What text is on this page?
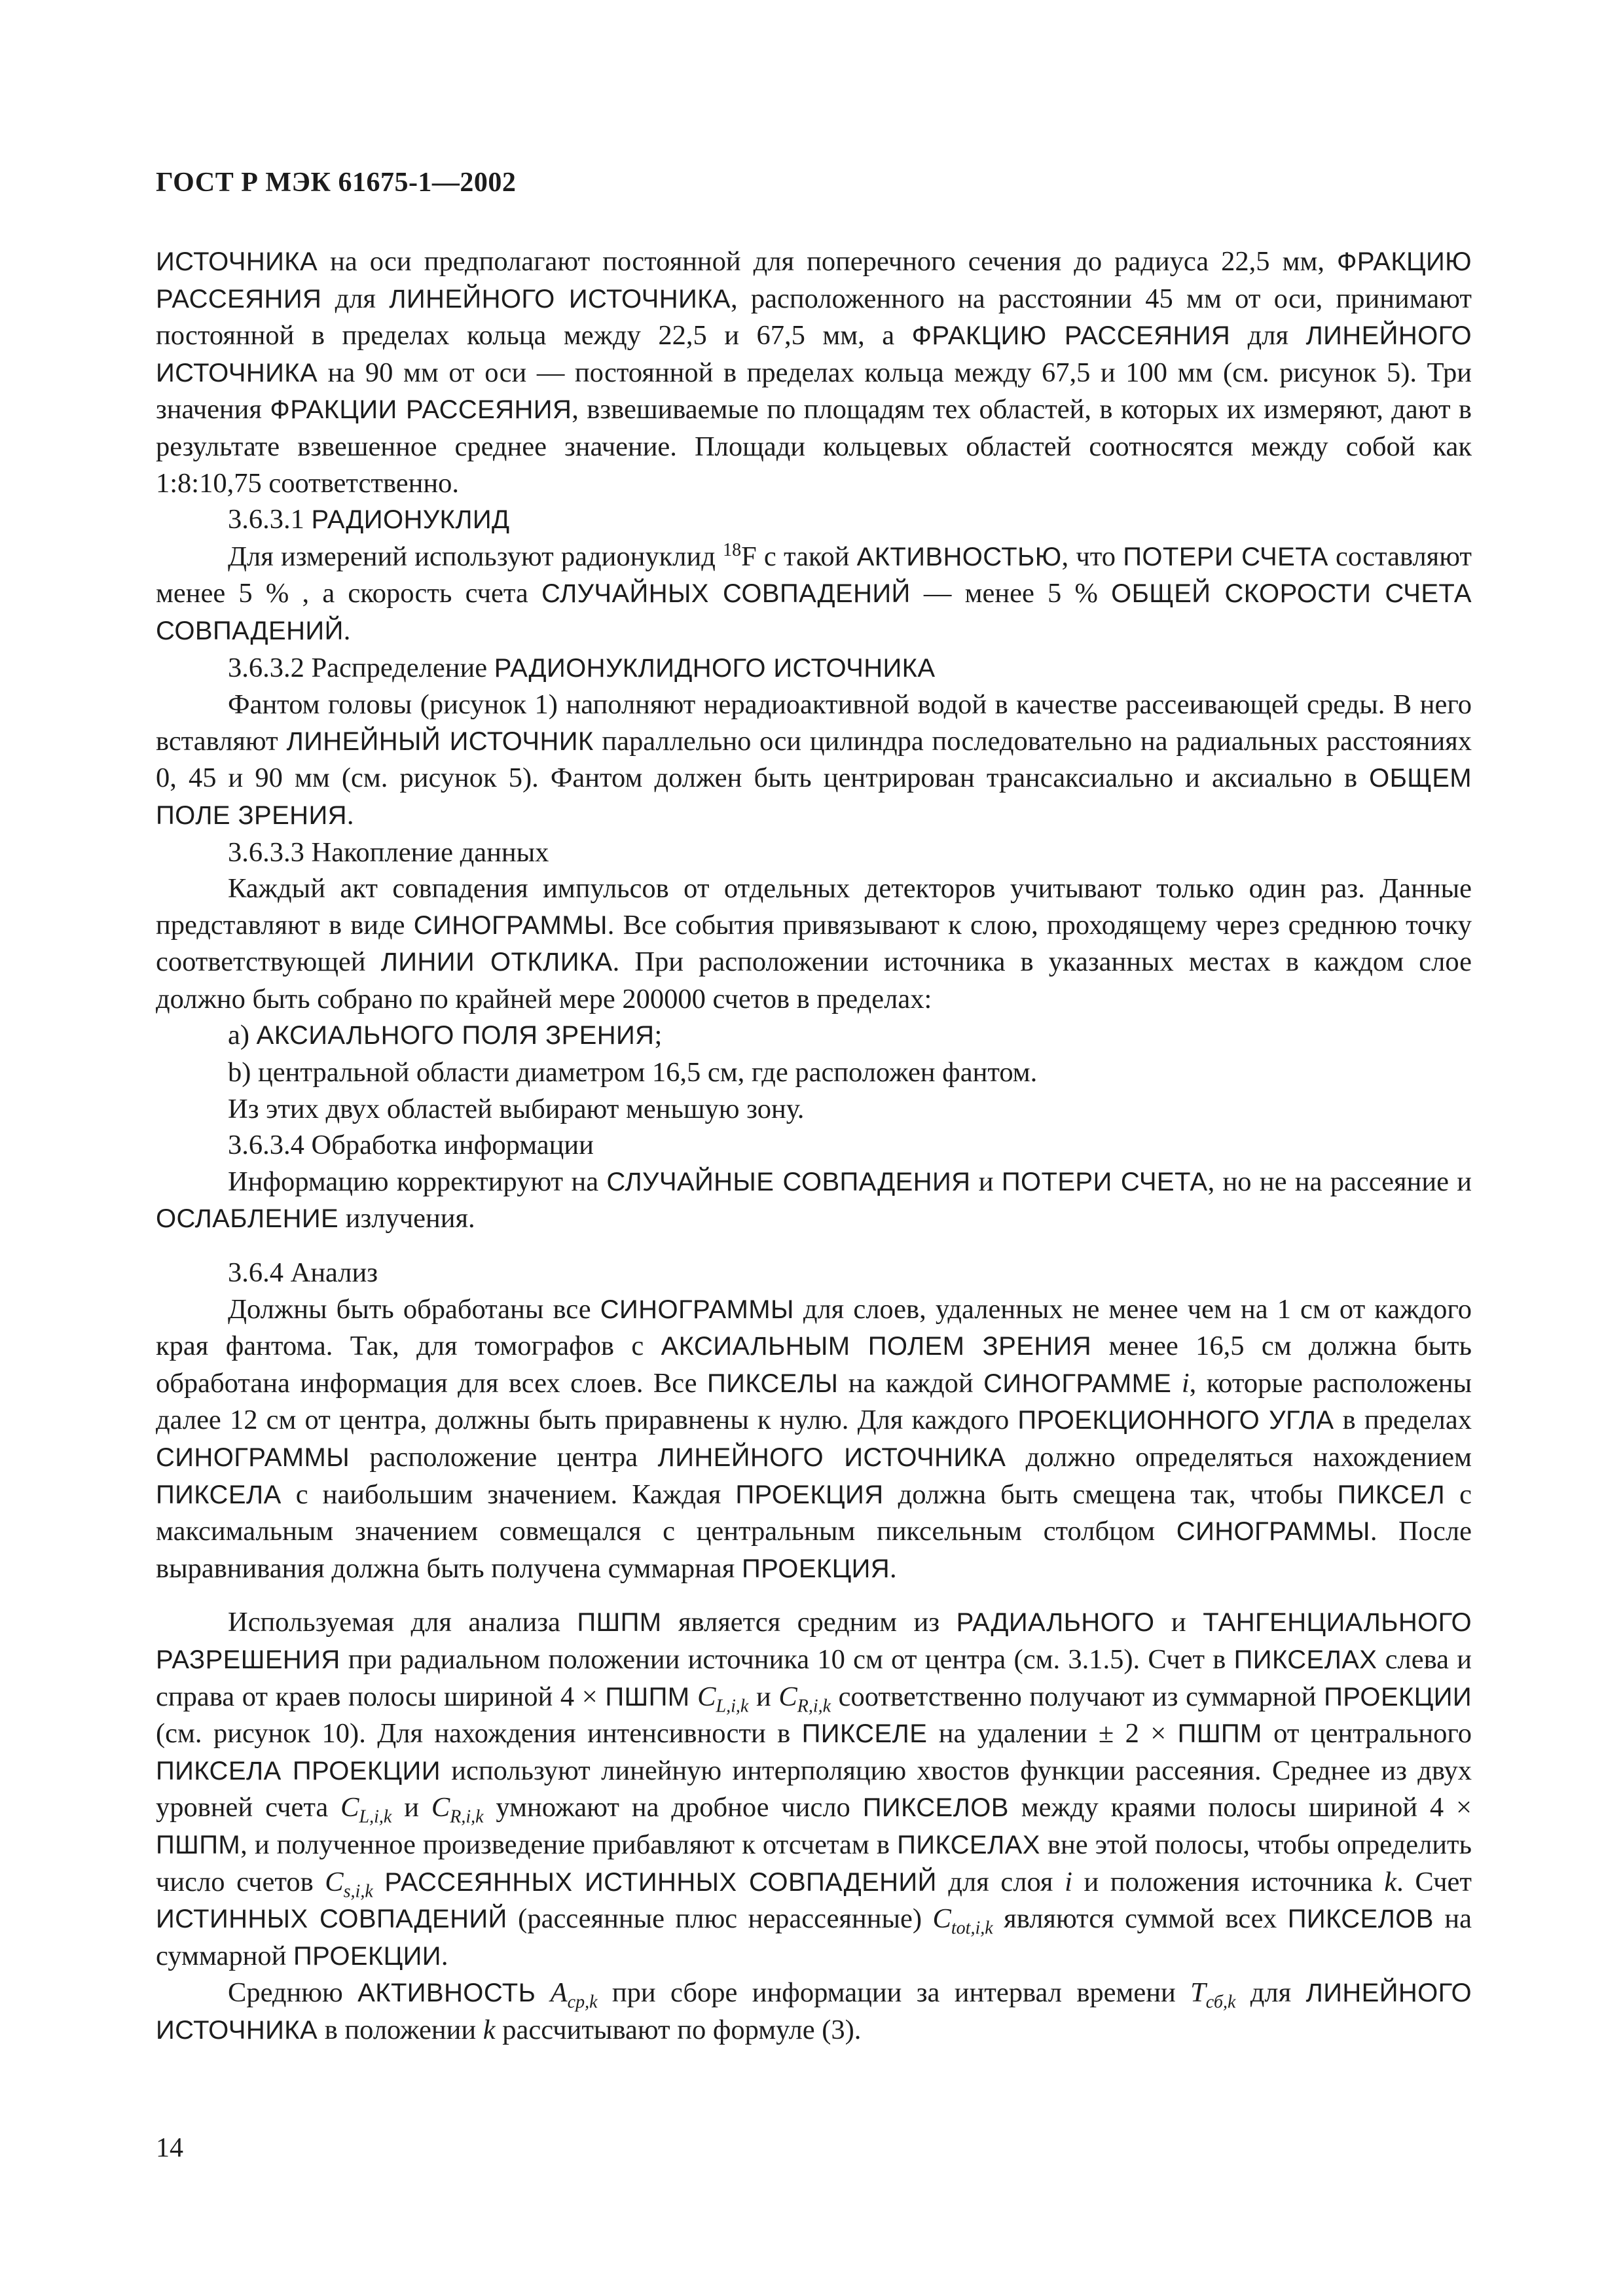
ГОСТ Р МЭК 61675-1—2002

ИСТОЧНИКА на оси предполагают постоянной для поперечного сечения до радиуса 22,5 мм, ФРАКЦИЮ РАССЕЯНИЯ для ЛИНЕЙНОГО ИСТОЧНИКА, расположенного на расстоянии 45 мм от оси, принимают постоянной в пределах кольца между 22,5 и 67,5 мм, а ФРАКЦИЮ РАССЕЯНИЯ для ЛИНЕЙНОГО ИСТОЧНИКА на 90 мм от оси — постоянной в пределах кольца между 67,5 и 100 мм (см. рисунок 5). Три значения ФРАКЦИИ РАССЕЯНИЯ, взвешиваемые по площадям тех областей, в которых их измеряют, дают в результате взвешенное среднее значение. Площади кольцевых областей соотносятся между собой как 1:8:10,75 соответственно.

3.6.3.1 РАДИОНУКЛИД

Для измерений используют радионуклид $^{18}$F с такой АКТИВНОСТЬЮ, что ПОТЕРИ СЧЕТА составляют менее 5 % , а скорость счета СЛУЧАЙНЫХ СОВПАДЕНИЙ — менее 5 % ОБЩЕЙ СКОРОСТИ СЧЕТА СОВПАДЕНИЙ.

3.6.3.2 Распределение РАДИОНУКЛИДНОГО ИСТОЧНИКА

Фантом головы (рисунок 1) наполняют нерадиоактивной водой в качестве рассеивающей среды. В него вставляют ЛИНЕЙНЫЙ ИСТОЧНИК параллельно оси цилиндра последовательно на радиальных расстояниях 0, 45 и 90 мм (см. рисунок 5). Фантом должен быть центрирован трансаксиально и аксиально в ОБЩЕМ ПОЛЕ ЗРЕНИЯ.

3.6.3.3 Накопление данных

Каждый акт совпадения импульсов от отдельных детекторов учитывают только один раз. Данные представляют в виде СИНОГРАММЫ. Все события привязывают к слою, проходящему через среднюю точку соответствующей ЛИНИИ ОТКЛИКА. При расположении источника в указанных местах в каждом слое должно быть собрано по крайней мере 200000 счетов в пределах:

а) АКСИАЛЬНОГО ПОЛЯ ЗРЕНИЯ;

b) центральной области диаметром 16,5 см, где расположен фантом.

Из этих двух областей выбирают меньшую зону.

3.6.3.4 Обработка информации

Информацию корректируют на СЛУЧАЙНЫЕ СОВПАДЕНИЯ и ПОТЕРИ СЧЕТА, но не на рассеяние и ОСЛАБЛЕНИЕ излучения.

3.6.4 Анализ

Должны быть обработаны все СИНОГРАММЫ для слоев, удаленных не менее чем на 1 см от каждого края фантома. Так, для томографов с АКСИАЛЬНЫМ ПОЛЕМ ЗРЕНИЯ менее 16,5 см должна быть обработана информация для всех слоев. Все ПИКСЕЛЫ на каждой СИНОГРАММЕ i, которые расположены далее 12 см от центра, должны быть приравнены к нулю. Для каждого ПРОЕКЦИОННОГО УГЛА в пределах СИНОГРАММЫ расположение центра ЛИНЕЙНОГО ИСТОЧНИКА должно определяться нахождением ПИКСЕЛА с наибольшим значением. Каждая ПРОЕКЦИЯ должна быть смещена так, чтобы ПИКСЕЛ с максимальным значением совмещался с центральным пиксельным столбцом СИНОГРАММЫ. После выравнивания должна быть получена суммарная ПРОЕКЦИЯ.

Используемая для анализа ПШПМ является средним из РАДИАЛЬНОГО и ТАНГЕНЦИАЛЬНОГО РАЗРЕШЕНИЯ при радиальном положении источника 10 см от центра (см. 3.1.5). Счет в ПИКСЕЛАХ слева и справа от краев полосы шириной 4 × ПШПМ $C_{L,i,k}$ и $C_{R,i,k}$ соответственно получают из суммарной ПРОЕКЦИИ (см. рисунок 10). Для нахождения интенсивности в ПИКСЕЛЕ на удалении ± 2 × ПШПМ от центрального ПИКСЕЛА ПРОЕКЦИИ используют линейную интерполяцию хвостов функции рассеяния. Среднее из двух уровней счета $C_{L,i,k}$ и $C_{R,i,k}$ умножают на дробное число ПИКСЕЛОВ между краями полосы шириной 4 × ПШПМ, и полученное произведение прибавляют к отсчетам в ПИКСЕЛАХ вне этой полосы, чтобы определить число счетов $C_{s,i,k}$ РАССЕЯННЫХ ИСТИННЫХ СОВПАДЕНИЙ для слоя i и положения источника k. Счет ИСТИННЫХ СОВПАДЕНИЙ (рассеянные плюс нерассеянные) $C_{tot,i,k}$ являются суммой всех ПИКСЕЛОВ на суммарной ПРОЕКЦИИ.

Среднюю АКТИВНОСТЬ $A_{ср,k}$ при сборе информации за интервал времени $T_{сб,k}$ для ЛИНЕЙНОГО ИСТОЧНИКА в положении k рассчитывают по формуле (3).

14
